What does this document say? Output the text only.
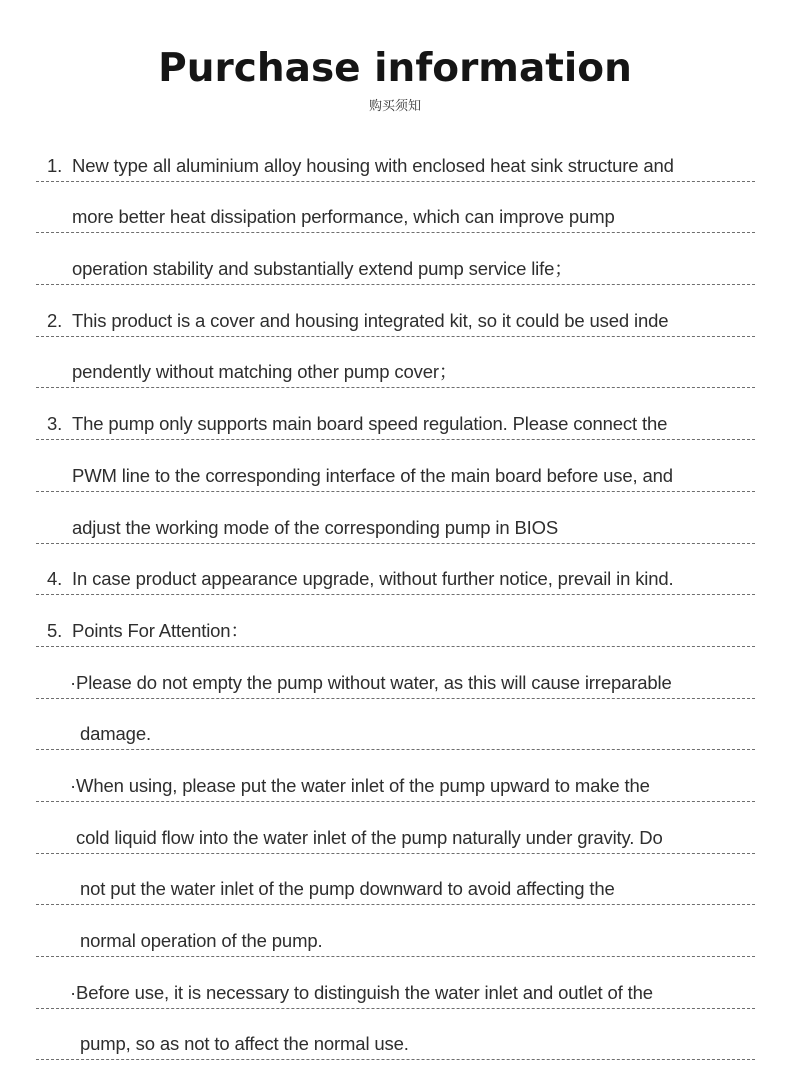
Purchase information
购买须知
1. New type all aluminium alloy housing with enclosed heat sink structure and
more better heat dissipation performance, which can improve pump
operation stability and substantially extend pump service life；
2. This product is a cover and housing integrated kit, so it could be used inde
pendently without matching other pump cover；
3. The pump only supports main board speed regulation. Please connect the
PWM line to the corresponding interface of the main board before use, and
adjust the working mode of the corresponding pump in BIOS
4. In case product appearance upgrade, without further notice, prevail in kind.
5. Points For Attention：
·Please do not empty the pump without water, as this will cause irreparable
damage.
·When using, please put the water inlet of the pump upward to make the
cold liquid flow into the water inlet of the pump naturally under gravity. Do
not put the water inlet of the pump downward to avoid affecting the
normal operation of the pump.
·Before use, it is necessary to distinguish the water inlet and outlet of the
pump, so as not to affect the normal use.
